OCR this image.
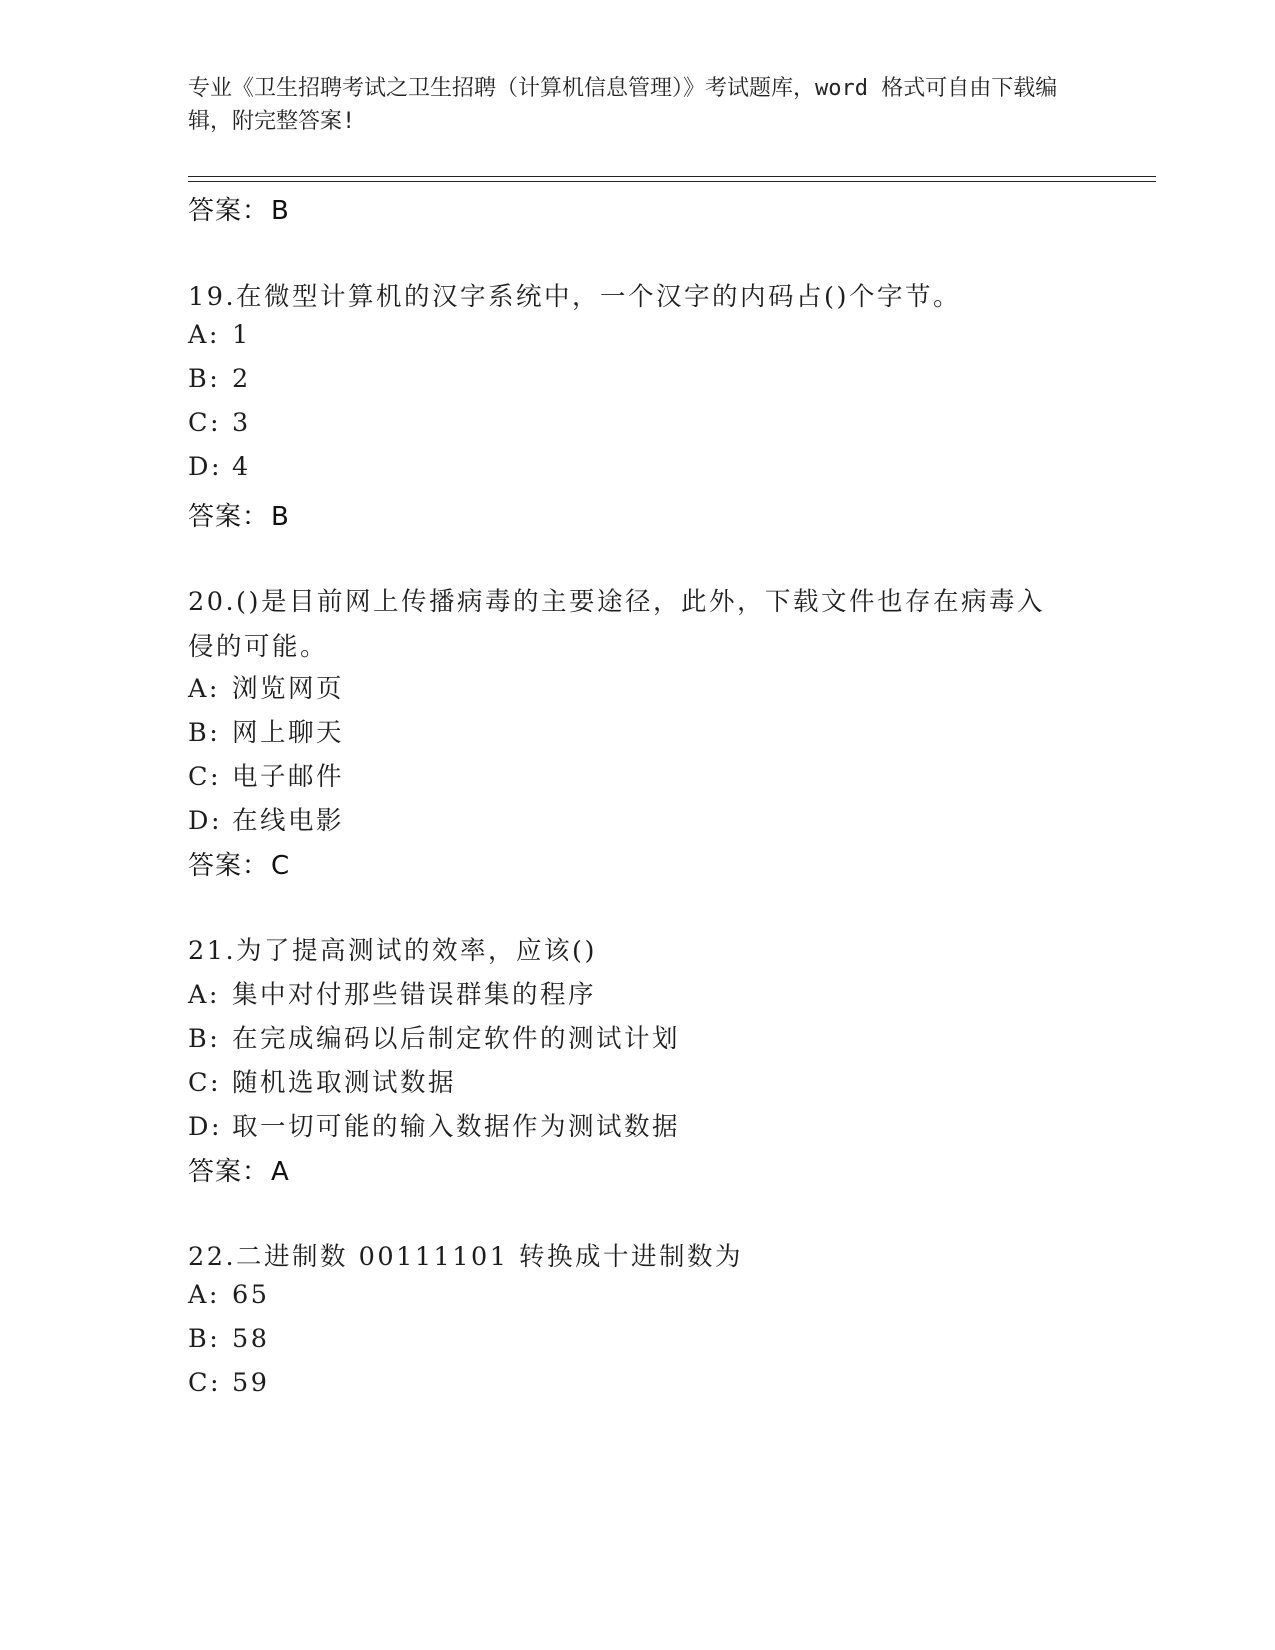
专业《卫生招聘考试之卫生招聘（计算机信息管理）》考试题库，word 格式可自由下载编辑，附完整答案!
答案：B
19.在微型计算机的汉字系统中，一个汉字的内码占()个字节。
A: 1
B: 2
C: 3
D: 4
答案：B
20.()是目前网上传播病毒的主要途径，此外，下载文件也存在病毒入侵的可能。
A: 浏览网页
B: 网上聊天
C: 电子邮件
D: 在线电影
答案：C
21.为了提高测试的效率，应该()
A: 集中对付那些错误群集的程序
B: 在完成编码以后制定软件的测试计划
C: 随机选取测试数据
D: 取一切可能的输入数据作为测试数据
答案：A
22.二进制数 00111101 转换成十进制数为
A: 65
B: 58
C: 59
